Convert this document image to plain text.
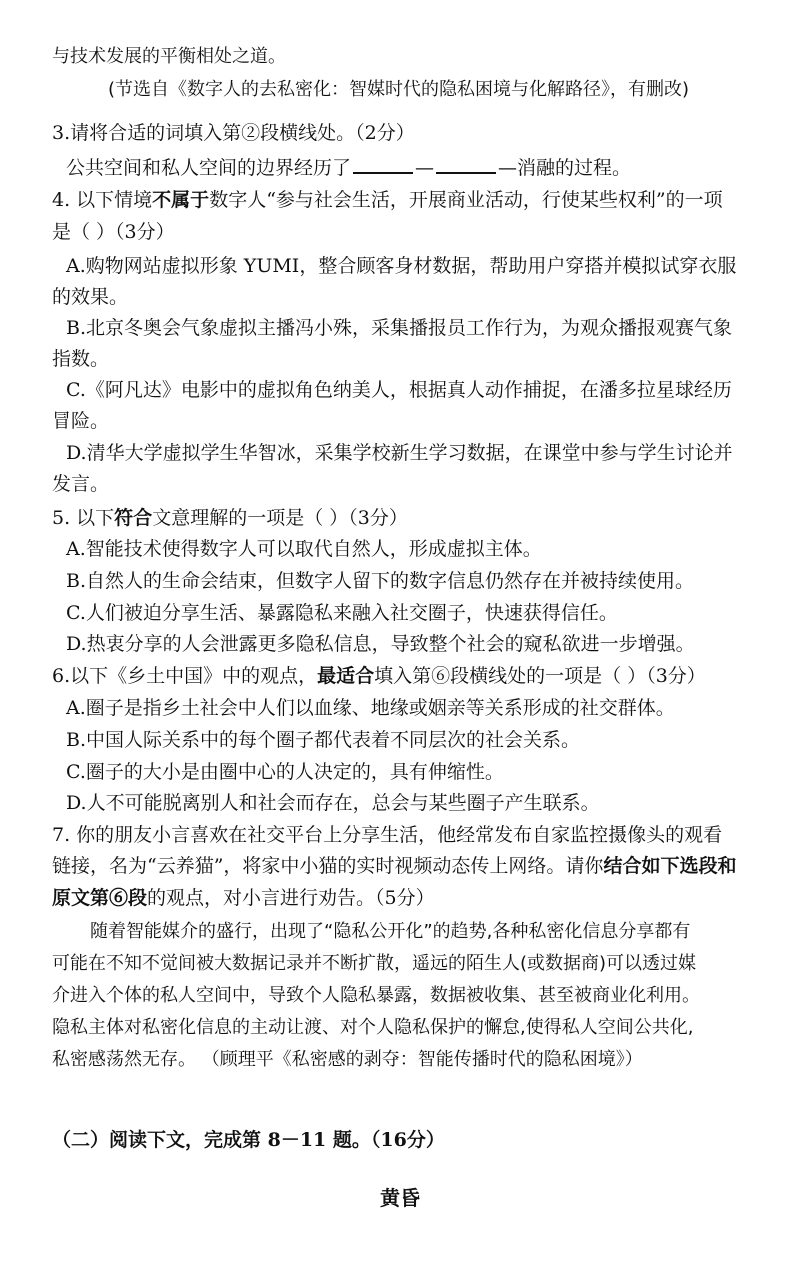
与技术发展的平衡相处之道。
(节选自《数字人的去私密化：智媒时代的隐私困境与化解路径》，有删改)
3.请将合适的词填入第②段横线处。（2分）
公共空间和私人空间的边界经历了	—	—消融的过程。
4. 以下情境不属于数字人“参与社会生活，开展商业活动，行使某些权利”的一项
是（ ）（3分）
A.购物网站虚拟形象 YUMI，整合顾客身材数据，帮助用户穿搭并模拟试穿衣服
的效果。
B.北京冬奥会气象虚拟主播冯小殊，采集播报员工作行为，为观众播报观赛气象
指数。
C.《阿凡达》电影中的虚拟角色纳美人，根据真人动作捕捉，在潘多拉星球经历
冒险。
D.清华大学虚拟学生华智冰，采集学校新生学习数据，在课堂中参与学生讨论并
发言。
5. 以下符合文意理解的一项是（ ）（3分）
A.智能技术使得数字人可以取代自然人，形成虚拟主体。
B.自然人的生命会结束，但数字人留下的数字信息仍然存在并被持续使用。
C.人们被迫分享生活、暴露隐私来融入社交圈子，快速获得信任。
D.热衷分享的人会泄露更多隐私信息，导致整个社会的窥私欲进一步增强。
6.以下《乡土中国》中的观点，最适合填入第⑥段横线处的一项是（ ）（3分）
A.圈子是指乡土社会中人们以血缘、地缘或姻亲等关系形成的社交群体。
B.中国人际关系中的每个圈子都代表着不同层次的社会关系。
C.圈子的大小是由圈中心的人决定的，具有伸缩性。
D.人不可能脱离别人和社会而存在，总会与某些圈子产生联系。
7. 你的朋友小言喜欢在社交平台上分享生活，他经常发布自家监控摄像头的观看
链接，名为“云养猫”，将家中小猫的实时视频动态传上网络。请你结合如下选段和
原文第⑥段的观点，对小言进行劝告。（5分）
随着智能媒介的盛行，出现了“隐私公开化”的趋势,各种私密化信息分享都有
可能在不知不觉间被大数据记录并不断扩散，遥远的陌生人(或数据商)可以透过媒
介进入个体的私人空间中，导致个人隐私暴露，数据被收集、甚至被商业化利用。
隐私主体对私密化信息的主动让渡、对个人隐私保护的懈怠,使得私人空间公共化,
私密感荡然无存。 （顾理平《私密感的剥夺：智能传播时代的隐私困境》）
（二）阅读下文，完成第 8－11 题。（16分）
黄昏
